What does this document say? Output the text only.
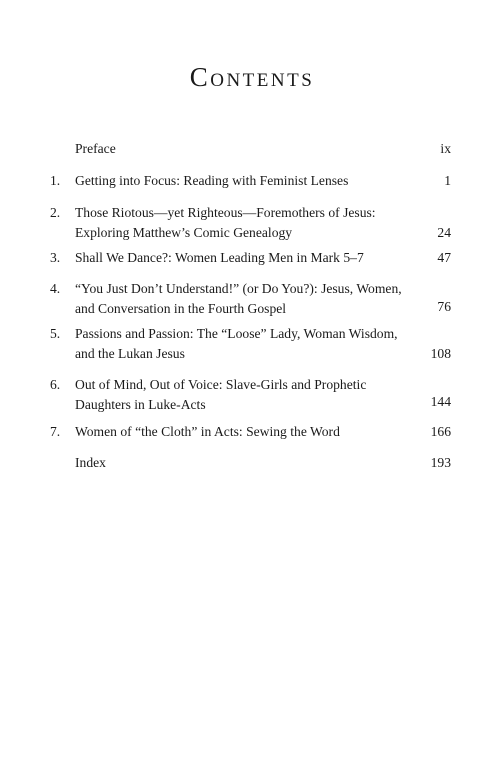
Contents
Preface	ix
1.	Getting into Focus: Reading with Feminist Lenses	1
2.	Those Riotous—yet Righteous—Foremothers of Jesus:
Exploring Matthew’s Comic Genealogy	24
3.	Shall We Dance?: Women Leading Men in Mark 5–7	47
4.	“You Just Don’t Understand!” (or Do You?): Jesus, Women,
and Conversation in the Fourth Gospel	76
5.	Passions and Passion: The “Loose” Lady, Woman Wisdom,
and the Lukan Jesus	108
6.	Out of Mind, Out of Voice: Slave-Girls and Prophetic
Daughters in Luke-Acts	144
7.	Women of “the Cloth” in Acts: Sewing the Word	166
Index	193
